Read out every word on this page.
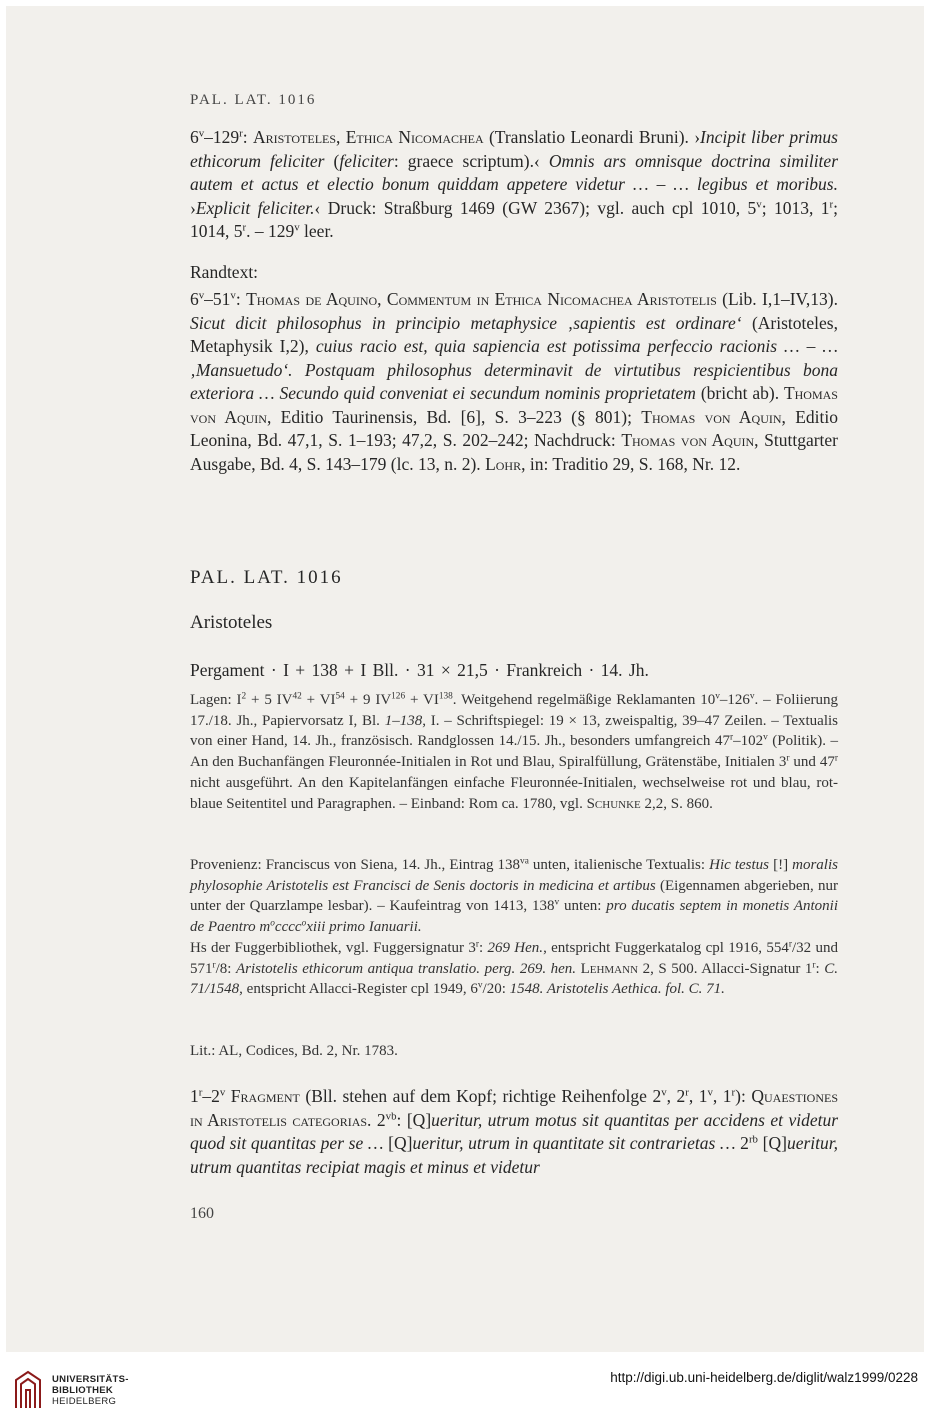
PAL. LAT. 1016
6$^v$–129$^r$: Aristoteles, Ethica Nicomachea (Translatio Leonardi Bruni). ›Incipit liber primus ethicorum feliciter (feliciter: graece scriptum).‹ Omnis ars omnisque doctrina similiter autem et actus et electio bonum quiddam appetere videtur … – … legibus et moribus. ›Explicit feliciter.‹ Druck: Straßburg 1469 (GW 2367); vgl. auch cpl 1010, 5$^v$; 1013, 1$^r$; 1014, 5$^r$. – 129$^v$ leer.
Randtext:
6$^v$–51$^v$: Thomas de Aquino, Commentum in Ethica Nicomachea Aristotelis (Lib. I,1–IV,13). Sicut dicit philosophus in principio metaphysice ‚sapientis est ordinare‘ (Aristoteles, Metaphysik I,2), cuius racio est, quia sapiencia est potissima perfeccio racionis … – … ‚Mansuetudo‘. Postquam philosophus determinavit de virtutibus respicientibus bona exteriora … Secundo quid conveniat ei secundum nominis proprietatem (bricht ab). Thomas von Aquin, Editio Taurinensis, Bd. [6], S. 3–223 (§ 801); Thomas von Aquin, Editio Leonina, Bd. 47,1, S. 1–193; 47,2, S. 202–242; Nachdruck: Thomas von Aquin, Stuttgarter Ausgabe, Bd. 4, S. 143–179 (lc. 13, n. 2). Lohr, in: Traditio 29, S. 168, Nr. 12.
PAL. LAT. 1016
Aristoteles
Pergament · I + 138 + I Bll. · 31 × 21,5 · Frankreich · 14. Jh.
Lagen: $I^2 + 5$ $IV^{42} + VI^{54} + 9$ $IV^{126} + VI^{138}$. Weitgehend regelmäßige Reklamanten 10$^v$–126$^v$. – Foliierung 17./18. Jh., Papiervorsatz I, Bl. 1–138, I. – Schriftspiegel: 19 × 13, zweispaltig, 39–47 Zeilen. – Textualis von einer Hand, 14. Jh., französisch. Randglossen 14./15. Jh., besonders umfangreich 47$^r$–102$^v$ (Politik). – An den Buchanfängen Fleuronnée-Initialen in Rot und Blau, Spiralfüllung, Grätenstäbe, Initialen 3$^r$ und 47$^r$ nicht ausgeführt. An den Kapitelanfängen einfache Fleuronnée-Initialen, wechselweise rot und blau, rot-blaue Seitentitel und Paragraphen. – Einband: Rom ca. 1780, vgl. Schunke 2,2, S. 860.
Provenienz: Franciscus von Siena, 14. Jh., Eintrag $138^{va}$ unten, italienische Textualis: Hic testus [!] moralis phylosophie Aristotelis est Francisci de Senis doctoris in medicina et artibus (Eigennamen abgerieben, nur unter der Quarzlampe lesbar). – Kaufeintrag von 1413, 138$^v$ unten: pro ducatis septem in monetis Antonii de Paentro $m^occcc^oxiii$ primo Ianuarii.
Hs der Fuggerbibliothek, vgl. Fuggersignatur 3$^r$: 269 Hen., entspricht Fuggerkatalog cpl 1916, 554$^r$/32 und 571$^r$/8: Aristotelis ethicorum antiqua translatio. perg. 269. hen. Lehmann 2, S 500. Allacci-Signatur 1$^r$: C. 71/1548, entspricht Allacci-Register cpl 1949, 6$^v$/20: 1548. Aristotelis Aethica. fol. C. 71.
Lit.: AL, Codices, Bd. 2, Nr. 1783.
1$^r$–2$^v$ Fragment (Bll. stehen auf dem Kopf; richtige Reihenfolge 2$^v$, 2$^r$, 1$^v$, 1$^r$): Quaestiones in Aristotelis categorias. $2^{vb}$: [Q]ueritur, utrum motus sit quantitas per accidens et videtur quod sit quantitas per se … [Q]ueritur, utrum in quantitate sit contrarietas … $2^{rb}$ [Q]ueritur, utrum quantitas recipiat magis et minus et videtur
160
UNIVERSITÄTS-
BIBLIOTHEK
HEIDELBERG
http://digi.ub.uni-heidelberg.de/diglit/walz1999/0228
